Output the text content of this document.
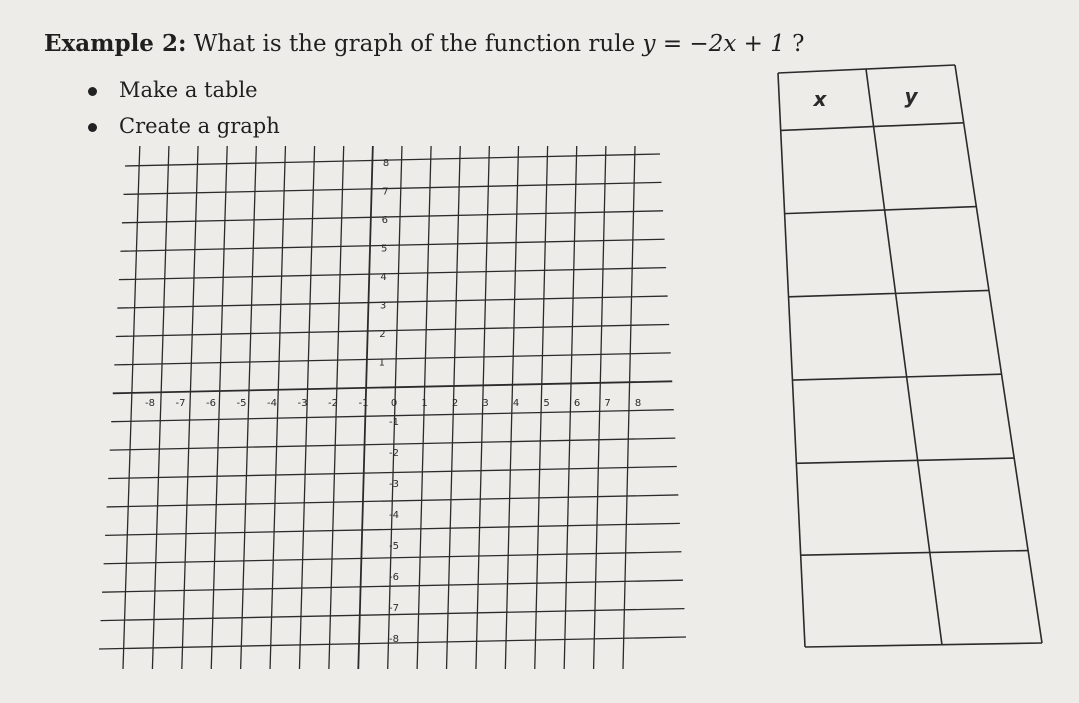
Example 2: What is the graph of the function rule y = −2x + 1 ?
Make a table
Create a graph
-8 -7 -6 -5 -4 -3 -2 -1 0 1 2 3 4 5 6 7 8
8
7
6
5
4
3
2
1
-1
-2
-3
-4
-5
-6
-7
-8
x	y
